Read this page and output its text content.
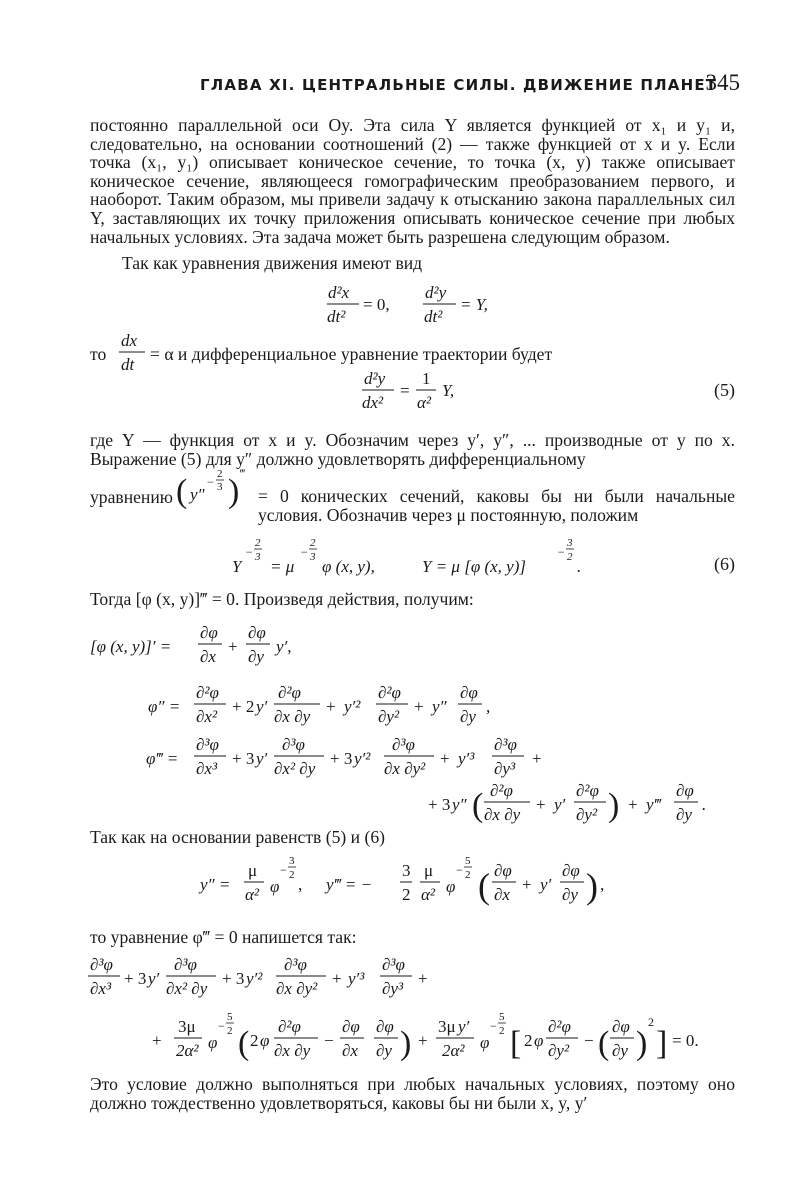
ГЛАВА XI. ЦЕНТРАЛЬНЫЕ СИЛЫ. ДВИЖЕНИЕ ПЛАНЕТ
345
постоянно параллельной оси Oy. Эта сила Y является функцией от x₁ и y₁ и, следовательно, на основании соотношений (2) — также функцией от x и y. Если точка (x₁, y₁) описывает коническое сечение, то точка (x, y) также описывает коническое сечение, являющееся гомографическим преобразованием первого, и наоборот. Таким образом, мы привели задачу к отысканию закона параллельных сил Y, заставляющих их точку приложения описывать коническое сечение при любых начальных условиях. Эта задача может быть разрешена следующим образом.
Так как уравнения движения имеют вид
d²x
dt²
= 0,
d²y
dt²
= Y,
то
dx
dt
= α и дифференциальное уравнение траектории будет
d²y
dx²
=
1
α²
Y,	(5)
где Y — функция от x и y. Обозначим через y′, y″, ... производные от y по x. Выражение (5) для y″ должно удовлетворять дифференциальному
уравнению ( y″
−
2
3 ) ‴
= 0 конических сечений, каковы бы ни были начальные условия. Обозначив через μ постоянную, положим
Y
−
2
3 = μ
−
2
3 φ (x, y),	Y = μ [φ (x, y)]
−
3
2 .	(6)
Тогда [φ (x, y)]‴ = 0. Произведя действия, получим:
[φ (x, y)]′ =
∂φ
∂x
+
∂φ
∂y
y′,
φ″ =
∂²φ
∂x²
+ 2 y′
∂²φ
∂x ∂y
+ y′²
∂²φ
∂y²
+ y″
∂φ
∂y
,
φ‴ =
∂³φ
∂x³
+ 3 y′
∂³φ
∂x² ∂y
+ 3 y′²
∂³φ
∂x ∂y²
+ y′³
∂³φ
∂y³
+
+ 3 y″ ( ∂²φ
∂x ∂y
+ y′
∂²φ
∂y² ) + y‴
∂φ
∂y
.
Так как на основании равенств (5) и (6)
y″ =
μ
α² φ
−
3
2 , y‴ = −
3
2
μ
α² φ
−
5
2 ( ∂φ
∂x
+ y′
∂φ
∂y ) ,
то уравнение φ‴ = 0 напишется так:
∂³φ
∂x³
+ 3 y′
∂³φ
∂x² ∂y
+ 3 y′²
∂³φ
∂x ∂y²
+ y′³
∂³φ
∂y³
+
+
3μ
2α² φ
−
5
2 ( 2 φ
∂²φ
∂x ∂y
−
∂φ
∂x
∂φ
∂y ) +
3μ y′
2α² φ
−
5
2 [ 2 φ
∂²φ
∂y²
− ( ∂φ
∂y )
2
] = 0.
Это условие должно выполняться при любых начальных условиях, поэтому оно должно тождественно удовлетворяться, каковы бы ни были x, y, y′
